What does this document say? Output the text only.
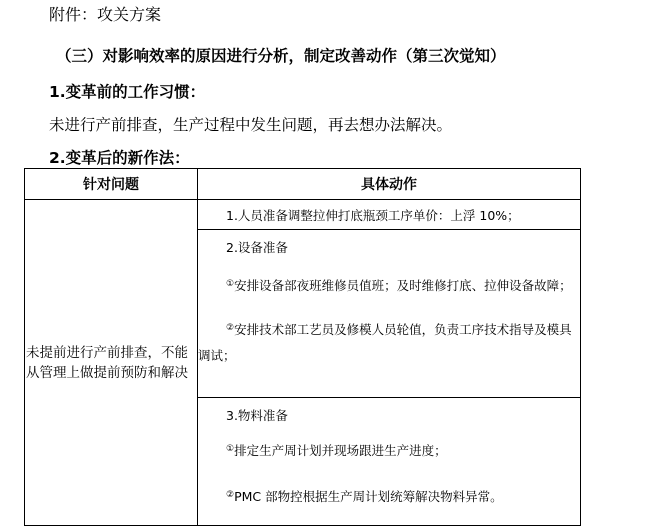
附件：攻关方案
（三）对影响效率的原因进行分析，制定改善动作（第三次觉知）
1.变革前的工作习惯：
未进行产前排查，生产过程中发生问题，再去想办法解决。
2.变革后的新作法：
针对问题	具体动作
未提前进行产前排查，不能从管理上做提前预防和解决	1.人员准备调整拉伸打底瓶颈工序单价：上浮 10%；

	2.设备准备
①安排设备部夜班维修员值班；及时维修打底、拉伸设备故障；
②安排技术部工艺员及修模人员轮值，负责工序技术指导及模具调试；

	3.物料准备
①排定生产周计划并现场跟进生产进度；
②PMC 部物控根据生产周计划统筹解决物料异常。
